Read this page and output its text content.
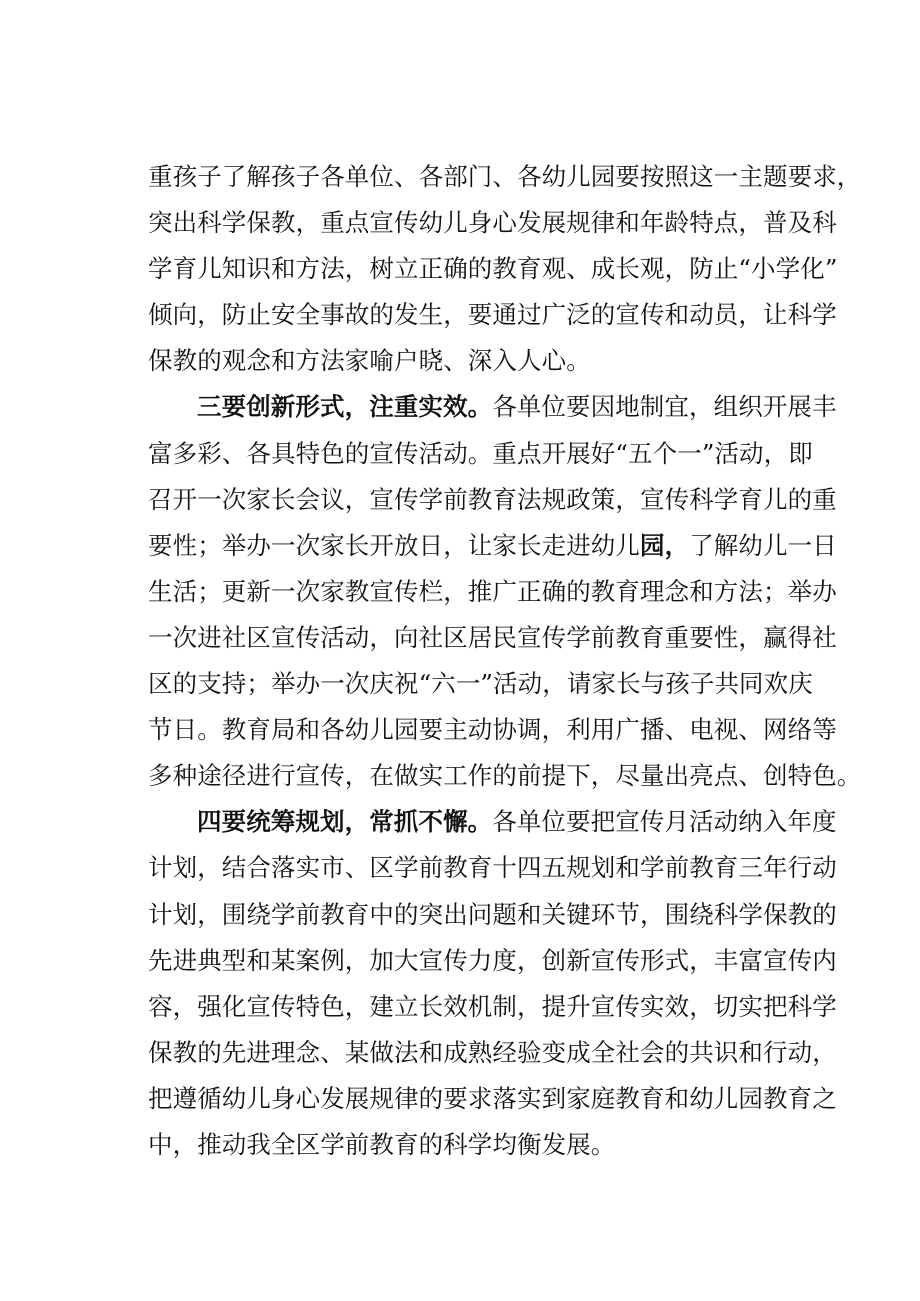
重孩子了解孩子各单位、各部门、各幼儿园要按照这一主题要求，
突出科学保教，重点宣传幼儿身心发展规律和年龄特点，普及科
学育儿知识和方法，树立正确的教育观、成长观，防止“小学化”
倾向，防止安全事故的发生，要通过广泛的宣传和动员，让科学
保教的观念和方法家喻户晓、深入人心。
三要创新形式，注重实效。各单位要因地制宜，组织开展丰
富多彩、各具特色的宣传活动。重点开展好“五个一”活动，即
召开一次家长会议，宣传学前教育法规政策，宣传科学育儿的重
要性；举办一次家长开放日，让家长走进幼儿园，了解幼儿一日
生活；更新一次家教宣传栏，推广正确的教育理念和方法；举办
一次进社区宣传活动，向社区居民宣传学前教育重要性，赢得社
区的支持；举办一次庆祝“六一”活动，请家长与孩子共同欢庆
节日。教育局和各幼儿园要主动协调，利用广播、电视、网络等
多种途径进行宣传，在做实工作的前提下，尽量出亮点、创特色。
四要统筹规划，常抓不懈。各单位要把宣传月活动纳入年度
计划，结合落实市、区学前教育十四五规划和学前教育三年行动
计划，围绕学前教育中的突出问题和关键环节，围绕科学保教的
先进典型和某案例，加大宣传力度，创新宣传形式，丰富宣传内
容，强化宣传特色，建立长效机制，提升宣传实效，切实把科学
保教的先进理念、某做法和成熟经验变成全社会的共识和行动，
把遵循幼儿身心发展规律的要求落实到家庭教育和幼儿园教育之
中，推动我全区学前教育的科学均衡发展。
